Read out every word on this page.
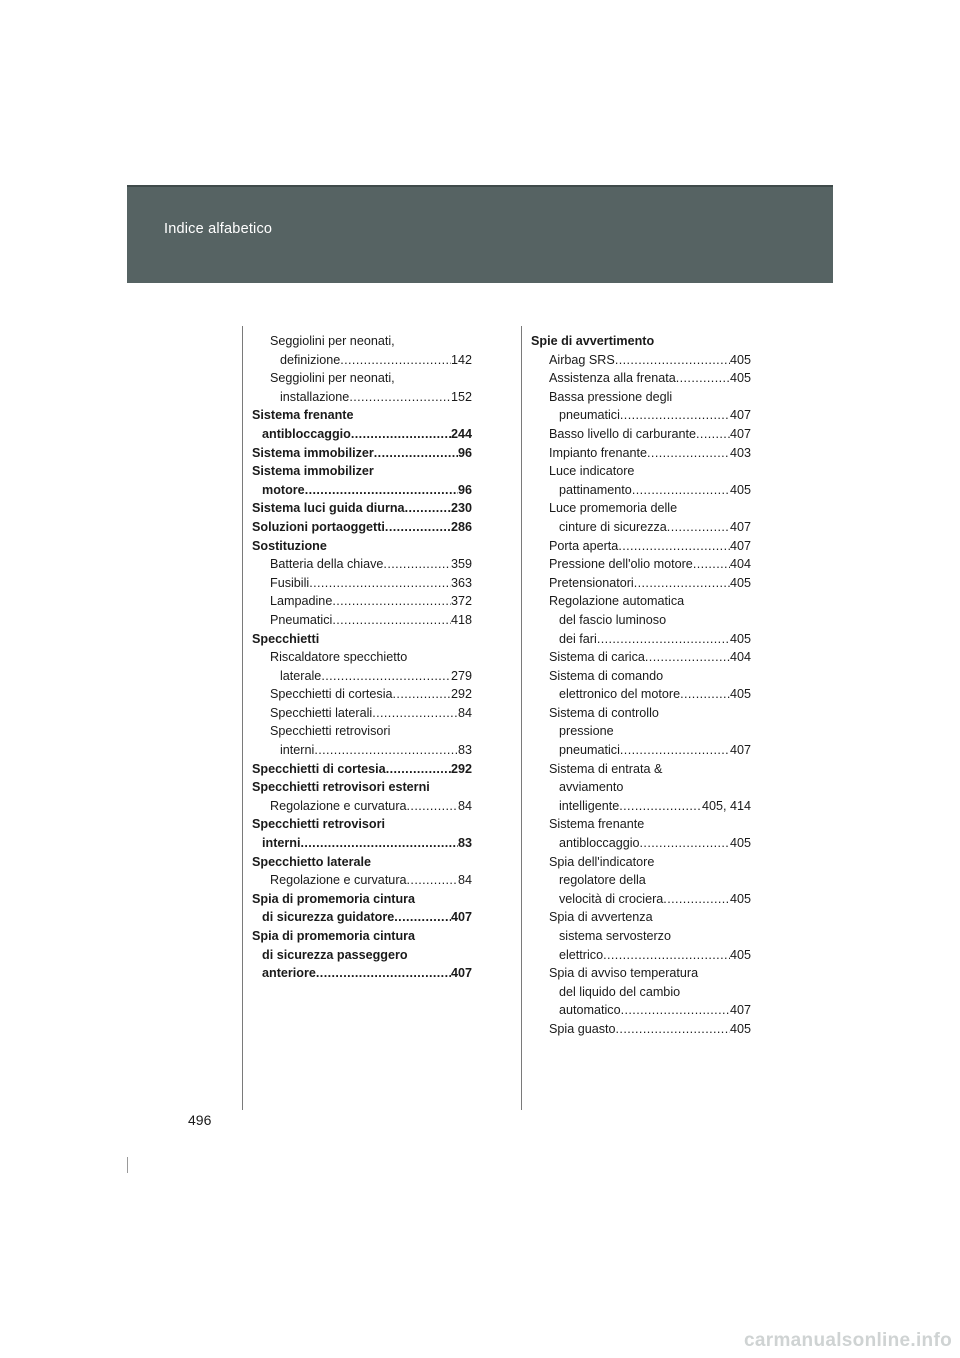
Indice alfabetico
Seggiolini per neonati,
definizione .....	142
Seggiolini per neonati,
installazione .....	152
Sistema frenante
antibloccaggio .....	244
Sistema immobilizer .....	96
Sistema immobilizer
motore .....	96
Sistema luci guida diurna .....	230
Soluzioni portaoggetti .....	286
Sostituzione
Batteria della chiave .....	359
Fusibili .....	363
Lampadine .....	372
Pneumatici .....	418
Specchietti
Riscaldatore specchietto
laterale .....	279
Specchietti di cortesia .....	292
Specchietti laterali .....	84
Specchietti retrovisori
interni .....	83
Specchietti di cortesia .....	292
Specchietti retrovisori esterni
Regolazione e curvatura .....	84
Specchietti retrovisori
interni .....	83
Specchietto laterale
Regolazione e curvatura .....	84
Spia di promemoria cintura
di sicurezza guidatore .....	407
Spia di promemoria cintura
di sicurezza passeggero
anteriore .....	407
Spie di avvertimento
Airbag SRS .....	405
Assistenza alla frenata .....	405
Bassa pressione degli
pneumatici .....	407
Basso livello di carburante .....	407
Impianto frenante .....	403
Luce indicatore
pattinamento .....	405
Luce promemoria delle
cinture di sicurezza .....	407
Porta aperta .....	407
Pressione dell'olio motore .....	404
Pretensionatori .....	405
Regolazione automatica
del fascio luminoso
dei fari .....	405
Sistema di carica .....	404
Sistema di comando
elettronico del motore .....	405
Sistema di controllo
pressione
pneumatici .....	407
Sistema di entrata &
avviamento
intelligente .....	405, 414
Sistema frenante
antibloccaggio .....	405
Spia dell'indicatore
regolatore della
velocità di crociera .....	405
Spia di avvertenza
sistema servosterzo
elettrico .....	405
Spia di avviso temperatura
del liquido del cambio
automatico .....	407
Spia guasto .....	405
496
carmanualsonline.info
